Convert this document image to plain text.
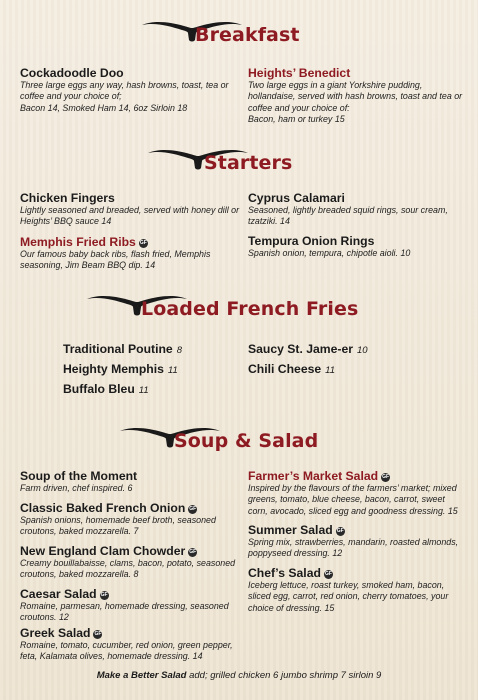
Breakfast
Cockadoodle Doo
Three large eggs any way, hash browns, toast, tea or coffee and your choice of;
Bacon 14, Smoked Ham 14, 6oz Sirloin 18
Heights’ Benedict
Two large eggs in a giant Yorkshire pudding, hollandaise, served with hash browns, toast and tea or coffee and your choice of:
Bacon, ham or turkey 15
Starters
Chicken Fingers
Lightly seasoned and breaded, served with honey dill or Heights’ BBQ sauce 14
Memphis Fried Ribs GF
Our famous baby back ribs, flash fried, Memphis seasoning, Jim Beam BBQ dip. 14
Cyprus Calamari
Seasoned, lightly breaded squid rings, sour cream, tzatziki. 14
Tempura Onion Rings
Spanish onion, tempura, chipotle aioli. 10
Loaded French Fries
Traditional Poutine 8
Heighty Memphis 11
Buffalo Bleu 11
Saucy St. Jame-er 10
Chili Cheese 11
Soup & Salad
Soup of the Moment
Farm driven, chef inspired. 6
Classic Baked French Onion GF
Spanish onions, homemade beef broth, seasoned croutons, baked mozzarella. 7
New England Clam Chowder GF
Creamy bouillabaisse, clams, bacon, potato, seasoned croutons, baked mozzarella. 8
Caesar Salad GF
Romaine, parmesan, homemade dressing, seasoned croutons. 12
Greek Salad GF
Romaine, tomato, cucumber, red onion, green pepper, feta, Kalamata olives, homemade dressing. 14
Farmer’s Market Salad GF
Inspired by the flavours of the farmers’ market; mixed greens, tomato, blue cheese, bacon, carrot, sweet corn, avocado, sliced egg and goodness dressing. 15
Summer Salad GF
Spring mix, strawberries, mandarin, roasted almonds, poppyseed dressing. 12
Chef’s Salad GF
Iceberg lettuce, roast turkey, smoked ham, bacon, sliced egg, carrot, red onion, cherry tomatoes, your choice of dressing. 15
Make a Better Salad add; grilled chicken 6 jumbo shrimp 7 sirloin 9
